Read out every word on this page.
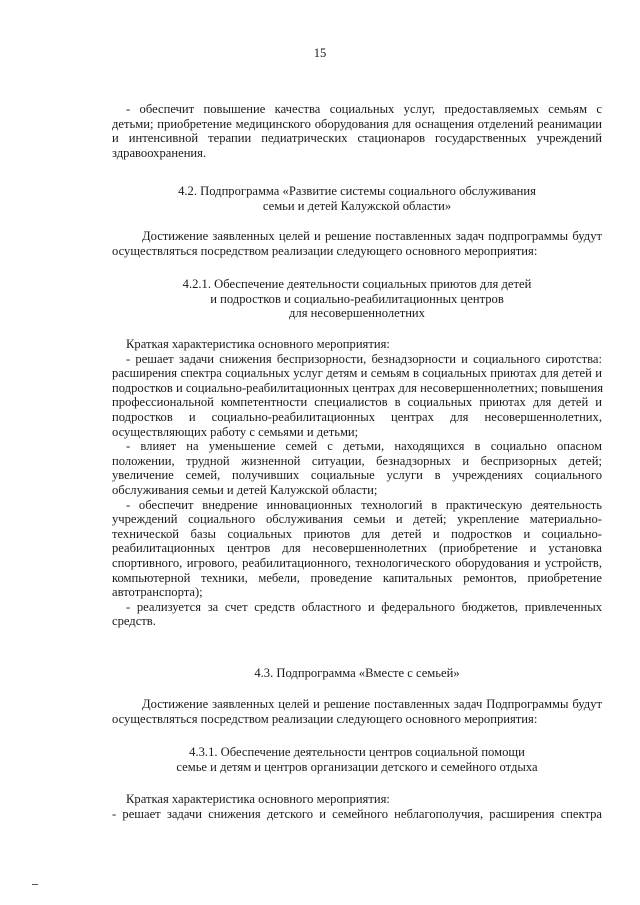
15
- обеспечит повышение качества социальных услуг, предоставляемых семьям с
детьми; приобретение медицинского оборудования для оснащения отделений реанимации
и интенсивной терапии педиатрических стационаров государственных учреждений
здравоохранения.
4.2. Подпрограмма «Развитие системы социального обслуживания
семьи и детей Калужской области»
Достижение заявленных целей и решение поставленных задач подпрограммы будут
осуществляться посредством реализации следующего основного мероприятия:
4.2.1. Обеспечение деятельности социальных приютов для детей
и подростков и социально-реабилитационных центров
для несовершеннолетних
Краткая характеристика основного мероприятия:
- решает задачи снижения беспризорности, безнадзорности и социального сиротства:
расширения спектра социальных услуг детям и семьям в социальных приютах для детей и
подростков и социально-реабилитационных центрах для несовершеннолетних; повышения
профессиональной компетентности специалистов в социальных приютах для детей и
подростков и социально-реабилитационных центрах для несовершеннолетних,
осуществляющих работу с семьями и детьми;
- влияет на уменьшение семей с детьми, находящихся в социально опасном
положении, трудной жизненной ситуации, безнадзорных и беспризорных детей;
увеличение семей, получивших социальные услуги в учреждениях социального
обслуживания семьи и детей Калужской области;
- обеспечит внедрение инновационных технологий в практическую деятельность
учреждений социального обслуживания семьи и детей; укрепление материально-
технической базы социальных приютов для детей и подростков и социально-
реабилитационных центров для несовершеннолетних (приобретение и установка
спортивного, игрового, реабилитационного, технологического оборудования и устройств,
компьютерной техники, мебели, проведение капитальных ремонтов, приобретение
автотранспорта);
- реализуется за счет средств областного и федерального бюджетов, привлеченных
средств.
4.3. Подпрограмма «Вместе с семьей»
Достижение заявленных целей и решение поставленных задач Подпрограммы будут
осуществляться посредством реализации следующего основного мероприятия:
4.3.1. Обеспечение деятельности центров социальной помощи
семье и детям и центров организации детского и семейного отдыха
Краткая характеристика основного мероприятия:
- решает задачи снижения детского и семейного неблагополучия, расширения спектра
